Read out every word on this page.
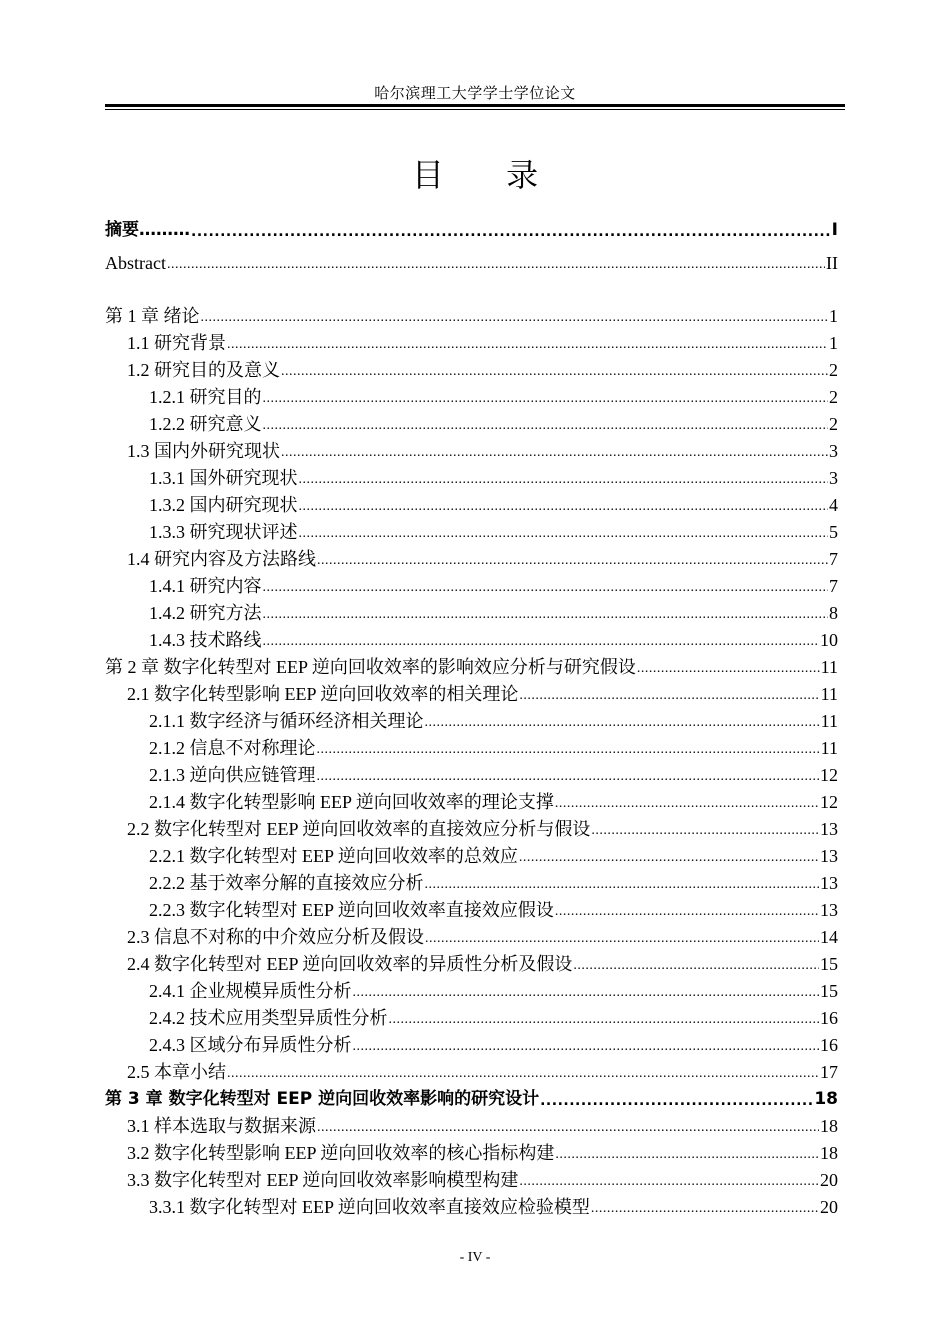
哈尔滨理工大学学士学位论文
目 录
摘要……… .....	I
Abstract .....	II
第 1 章 绪论 .....	1
1.1 研究背景 .....	1
1.2 研究目的及意义 .....	2
1.2.1 研究目的 .....	2
1.2.2 研究意义 .....	2
1.3 国内外研究现状 .....	3
1.3.1 国外研究现状 .....	3
1.3.2 国内研究现状 .....	4
1.3.3 研究现状评述 .....	5
1.4 研究内容及方法路线 .....	7
1.4.1 研究内容 .....	7
1.4.2 研究方法 .....	8
1.4.3 技术路线 .....	10
第 2 章 数字化转型对 EEP 逆向回收效率的影响效应分析与研究假设 .....	11
2.1 数字化转型影响 EEP 逆向回收效率的相关理论 .....	11
2.1.1 数字经济与循环经济相关理论 .....	11
2.1.2 信息不对称理论 .....	11
2.1.3 逆向供应链管理 .....	12
2.1.4 数字化转型影响 EEP 逆向回收效率的理论支撑 .....	12
2.2 数字化转型对 EEP 逆向回收效率的直接效应分析与假设 .....	13
2.2.1 数字化转型对 EEP 逆向回收效率的总效应 .....	13
2.2.2 基于效率分解的直接效应分析 .....	13
2.2.3 数字化转型对 EEP 逆向回收效率直接效应假设 .....	13
2.3 信息不对称的中介效应分析及假设 .....	14
2.4 数字化转型对 EEP 逆向回收效率的异质性分析及假设 .....	15
2.4.1 企业规模异质性分析 .....	15
2.4.2 技术应用类型异质性分析 .....	16
2.4.3 区域分布异质性分析 .....	16
2.5 本章小结 .....	17
第 3 章 数字化转型对 EEP 逆向回收效率影响的研究设计 .....	18
3.1 样本选取与数据来源 .....	18
3.2 数字化转型影响 EEP 逆向回收效率的核心指标构建 .....	18
3.3 数字化转型对 EEP 逆向回收效率影响模型构建 .....	20
3.3.1 数字化转型对 EEP 逆向回收效率直接效应检验模型 .....	20
- IV -
